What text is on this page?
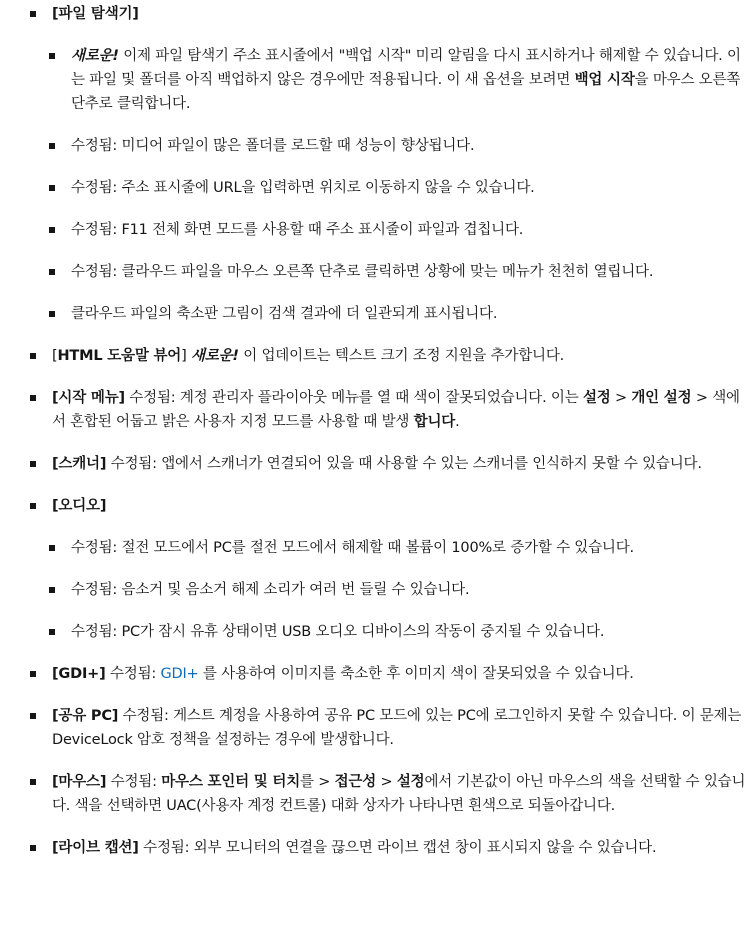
[파일 탐색기]
새로운! 이제 파일 탐색기 주소 표시줄에서 "백업 시작" 미리 알림을 다시 표시하거나 해제할 수 있습니다. 이는 파일 및 폴더를 아직 백업하지 않은 경우에만 적용됩니다. 이 새 옵션을 보려면 백업 시작을 마우스 오른쪽 단추로 클릭합니다.
수정됨: 미디어 파일이 많은 폴더를 로드할 때 성능이 향상됩니다.
수정됨: 주소 표시줄에 URL을 입력하면 위치로 이동하지 않을 수 있습니다.
수정됨: F11 전체 화면 모드를 사용할 때 주소 표시줄이 파일과 겹칩니다.
수정됨: 클라우드 파일을 마우스 오른쪽 단추로 클릭하면 상황에 맞는 메뉴가 천천히 열립니다.
클라우드 파일의 축소판 그림이 검색 결과에 더 일관되게 표시됩니다.
[HTML 도움말 뷰어] 새로운! 이 업데이트는 텍스트 크기 조정 지원을 추가합니다.
[시작 메뉴] 수정됨: 계정 관리자 플라이아웃 메뉴를 열 때 색이 잘못되었습니다. 이는 설정 > 개인 설정 > 색에서 혼합된 어둡고 밝은 사용자 지정 모드를 사용할 때 발생 합니다.
[스캐너] 수정됨: 앱에서 스캐너가 연결되어 있을 때 사용할 수 있는 스캐너를 인식하지 못할 수 있습니다.
[오디오]
수정됨: 절전 모드에서 PC를 절전 모드에서 해제할 때 볼륨이 100%로 증가할 수 있습니다.
수정됨: 음소거 및 음소거 해제 소리가 여러 번 들릴 수 있습니다.
수정됨: PC가 잠시 유휴 상태이면 USB 오디오 디바이스의 작동이 중지될 수 있습니다.
[GDI+] 수정됨: GDI+ 를 사용하여 이미지를 축소한 후 이미지 색이 잘못되었을 수 있습니다.
[공유 PC] 수정됨: 게스트 계정을 사용하여 공유 PC 모드에 있는 PC에 로그인하지 못할 수 있습니다. 이 문제는 DeviceLock 암호 정책을 설정하는 경우에 발생합니다.
[마우스] 수정됨: 마우스 포인터 및 터치를 > 접근성 > 설정에서 기본값이 아닌 마우스의 색을 선택할 수 있습니다. 색을 선택하면 UAC(사용자 계정 컨트롤) 대화 상자가 나타나면 흰색으로 되돌아갑니다.
[라이브 캡션] 수정됨: 외부 모니터의 연결을 끊으면 라이브 캡션 창이 표시되지 않을 수 있습니다.
